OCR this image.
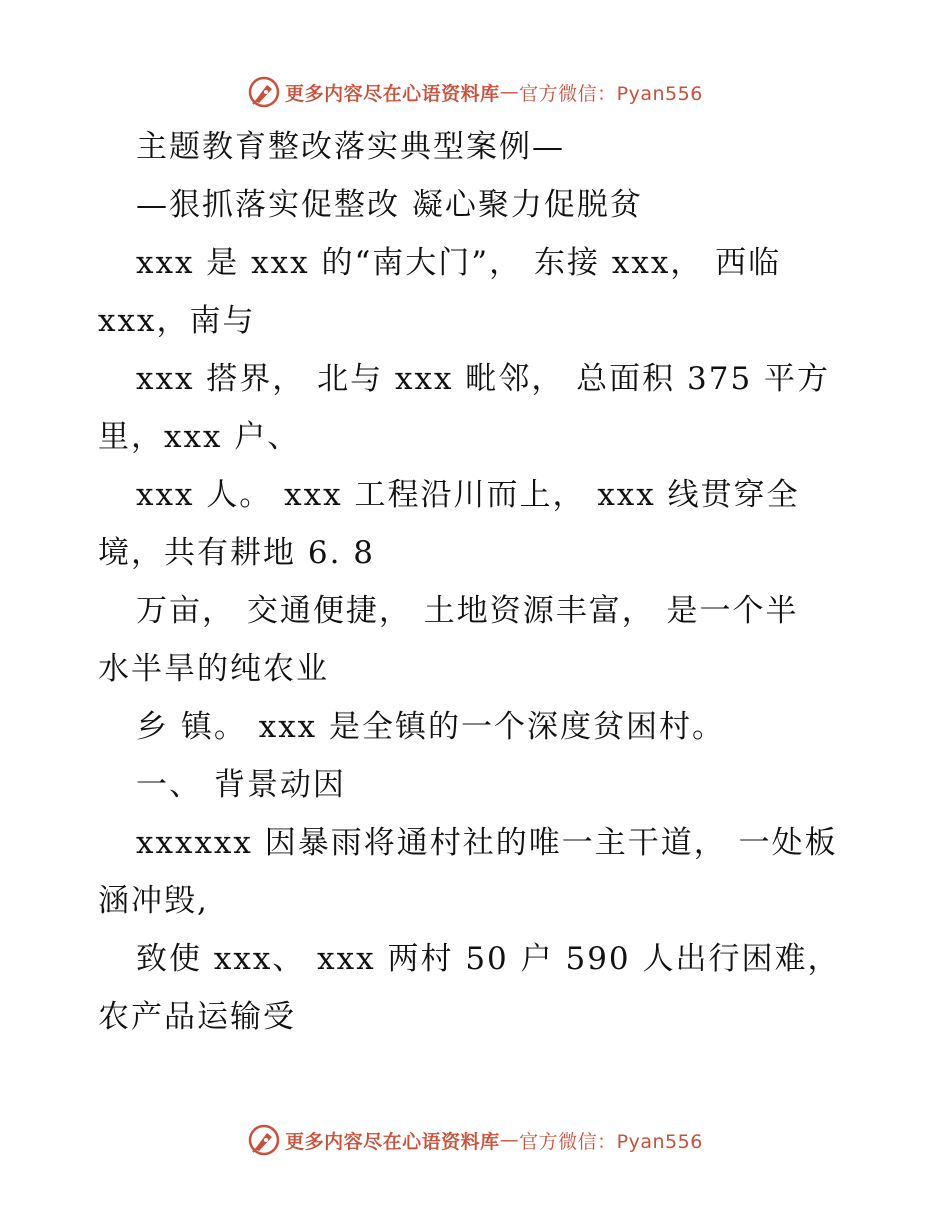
更多内容尽在心语资料库 — 官方微信：Pyan556

主题教育整改落实典型案例—

—狠抓落实促整改 凝心聚力促脱贫

xxx 是 xxx 的“南大门”， 东接 xxx， 西临

xxx，南与

xxx 搭界， 北与 xxx 毗邻， 总面积 375 平方

里，xxx 户、

xxx 人。 xxx 工程沿川而上， xxx 线贯穿全

境，共有耕地 6. 8

万亩， 交通便捷， 土地资源丰富， 是一个半

水半旱的纯农业

乡 镇。 xxx 是全镇的一个深度贫困村。

一、 背景动因

xxxxxx 因暴雨将通村社的唯一主干道， 一处板

涵冲毁,

致使 xxx、 xxx 两村 50 户 590 人出行困难，

农产品运输受

更多内容尽在心语资料库 — 官方微信：Pyan556
